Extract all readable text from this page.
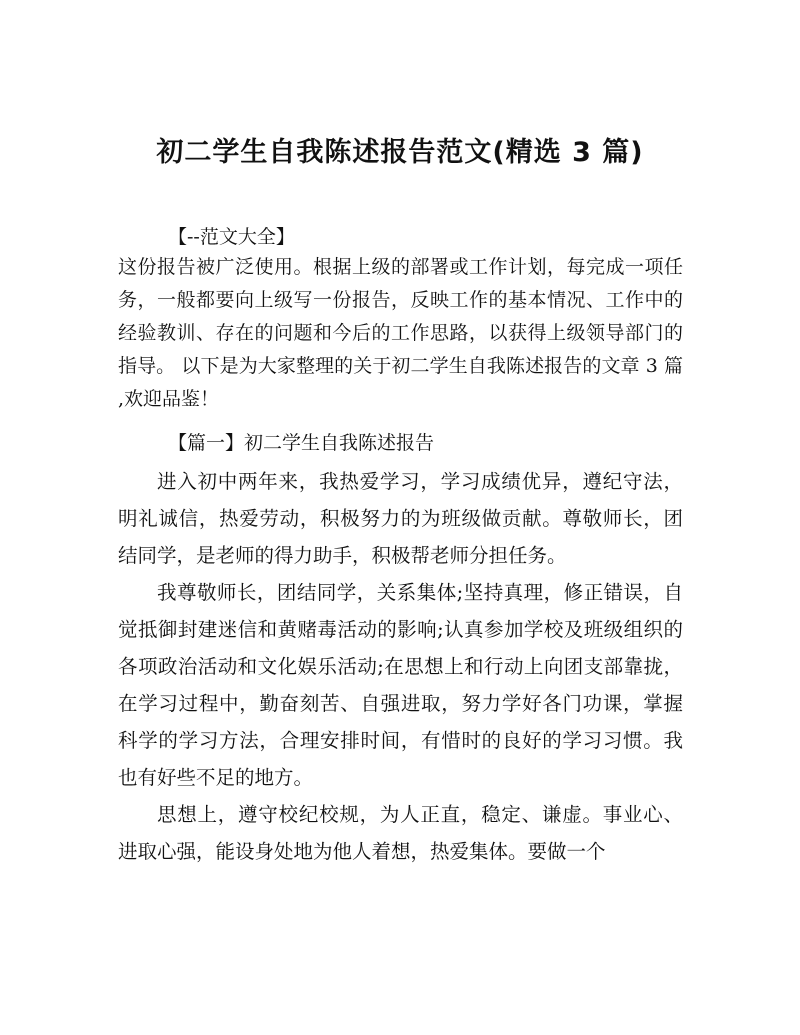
初二学生自我陈述报告范文(精选 3 篇)
【--范文大全】
这份报告被广泛使用。根据上级的部署或工作计划，每完成一项任务，一般都要向上级写一份报告，反映工作的基本情况、工作中的经验教训、存在的问题和今后的工作思路，以获得上级领导部门的指导。 以下是为大家整理的关于初二学生自我陈述报告的文章 3 篇 ,欢迎品鉴！
【篇一】初二学生自我陈述报告

进入初中两年来，我热爱学习，学习成绩优异，遵纪守法，明礼诚信，热爱劳动，积极努力的为班级做贡献。尊敬师长，团结同学，是老师的得力助手，积极帮老师分担任务。

我尊敬师长，团结同学，关系集体;坚持真理，修正错误，自觉抵御封建迷信和黄赌毒活动的影响;认真参加学校及班级组织的各项政治活动和文化娱乐活动;在思想上和行动上向团支部靠拢，在学习过程中，勤奋刻苦、自强进取，努力学好各门功课，掌握科学的学习方法，合理安排时间，有惜时的良好的学习习惯。我也有好些不足的地方。

思想上，遵守校纪校规，为人正直，稳定、谦虚。事业心、进取心强，能设身处地为他人着想，热爱集体。要做一个
